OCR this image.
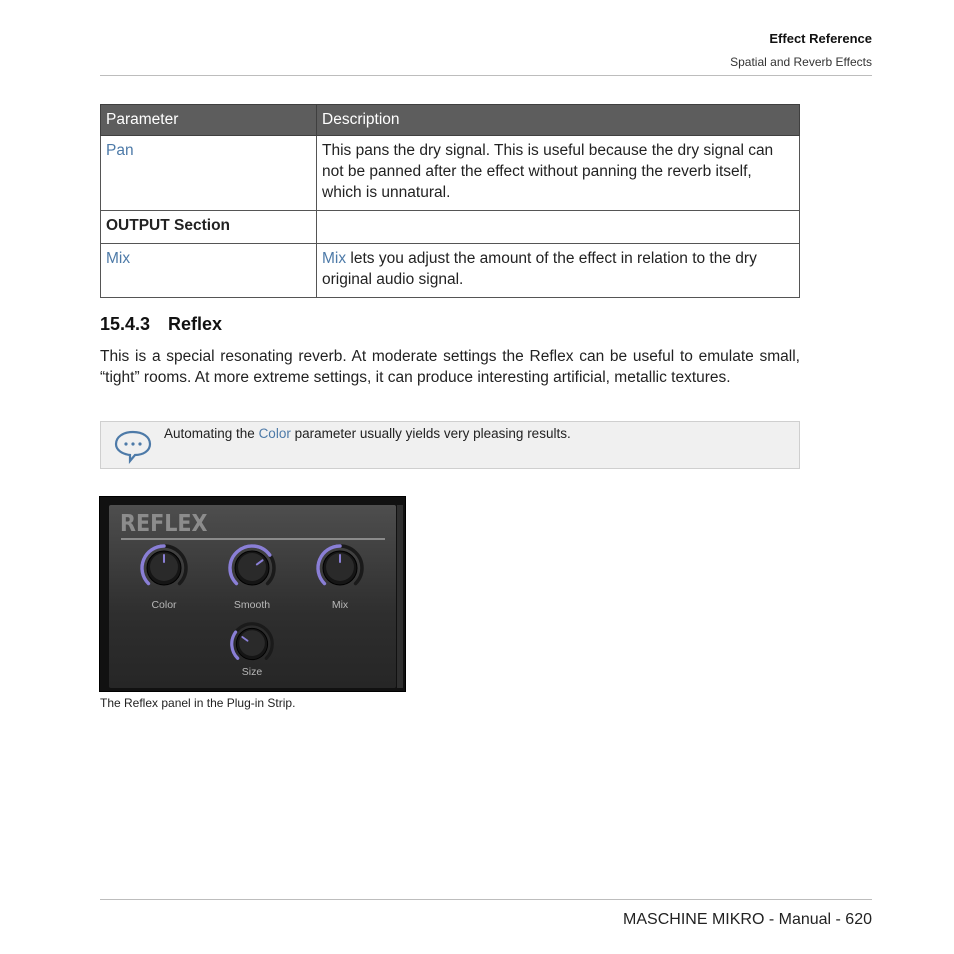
Effect Reference
Spatial and Reverb Effects
Parameter	Description
Pan	This pans the dry signal. This is useful because the dry signal can not be panned after the effect without panning the reverb itself, which is unnatural.
OUTPUT Section	
Mix	Mix lets you adjust the amount of the effect in relation to the dry original audio signal.
15.4.3 Reflex
This is a special resonating reverb. At moderate settings the Reflex can be useful to emulate small, “tight” rooms. At more extreme settings, it can produce interesting artificial, metallic textures.
Automating the Color parameter usually yields very pleasing results.
REFLEX
Color	Smooth	Mix
Size
The Reflex panel in the Plug-in Strip.
MASCHINE MIKRO - Manual - 620
